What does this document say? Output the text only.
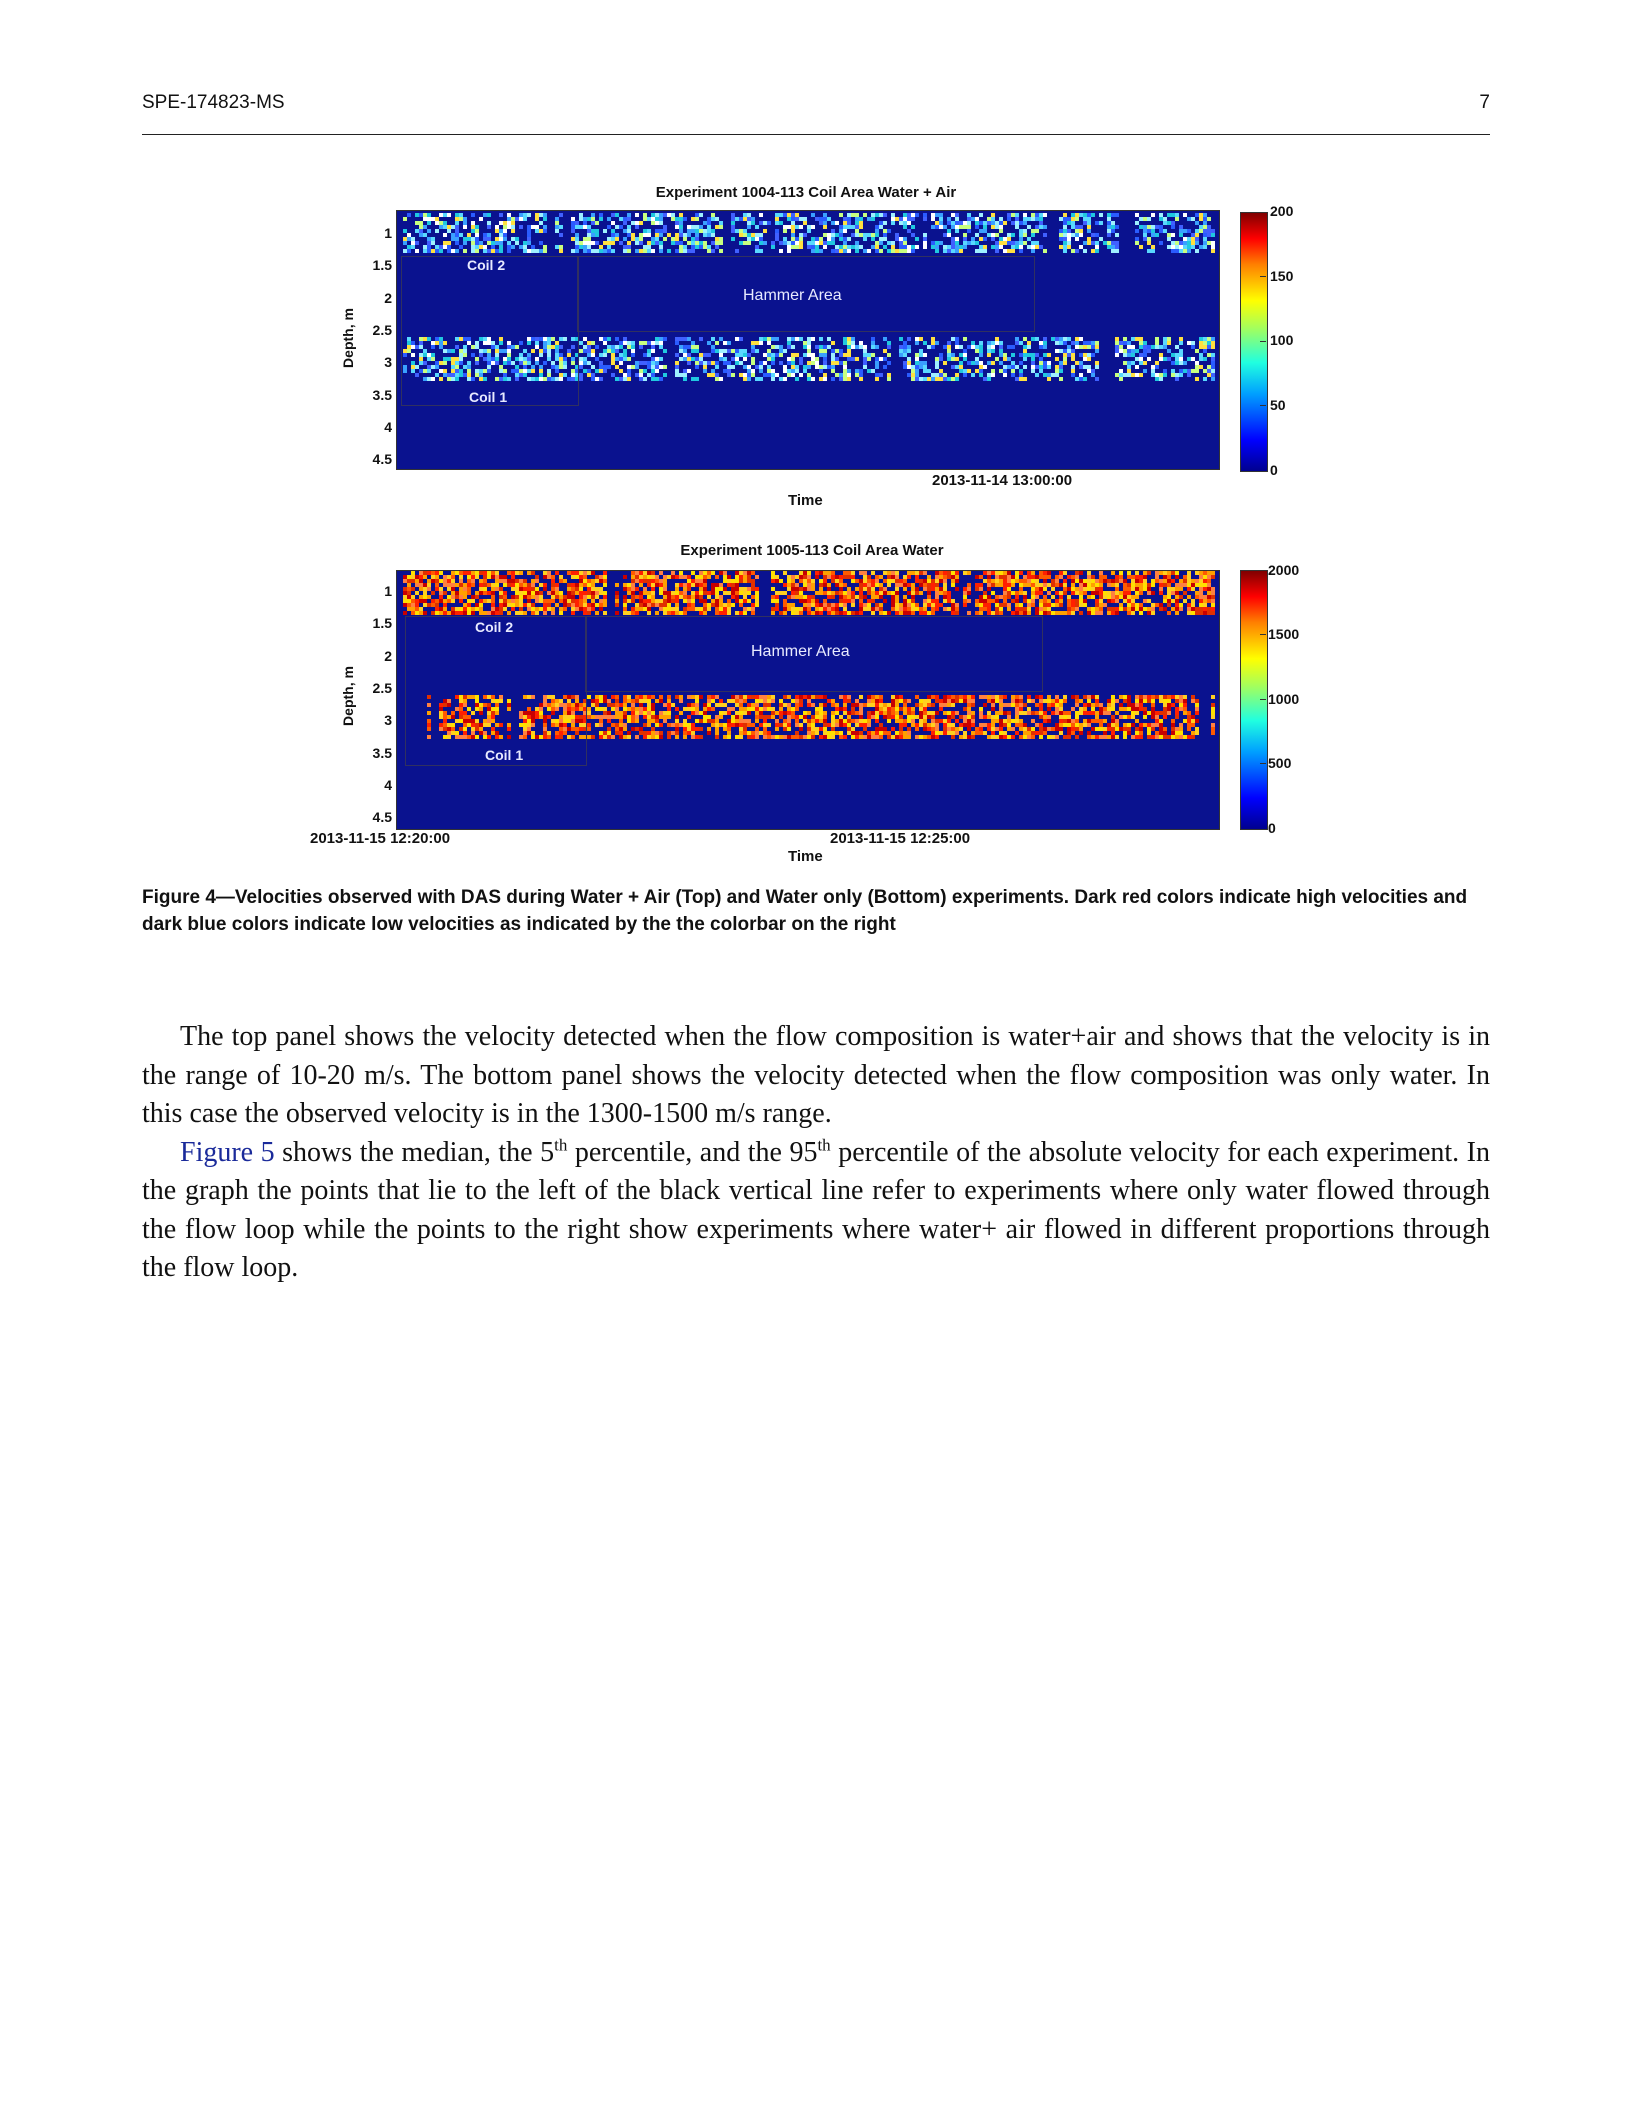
SPE-174823-MS	7
Experiment 1004-113 Coil Area Water + Air
Depth, m
1
1.5
2
2.5
3
3.5
4
4.5
Hammer Area
Coil 2
Coil 1
2013-11-14 13:00:00
Time
200
150
100
50
0
Experiment 1005-113 Coil Area Water
Depth, m
1
1.5
2
2.5
3
3.5
4
4.5
Hammer Area
Coil 2
Coil 1
2013-11-15 12:20:00	2013-11-15 12:25:00
Time
2000
1500
1000
500
0
Figure 4—Velocities observed with DAS during Water + Air (Top) and Water only (Bottom) experiments. Dark red colors indicate high velocities and dark blue colors indicate low velocities as indicated by the the colorbar on the right

The top panel shows the velocity detected when the flow composition is water+air and shows that the velocity is in the range of 10-20 m/s. The bottom panel shows the velocity detected when the flow composition was only water. In this case the observed velocity is in the 1300-1500 m/s range.

Figure 5 shows the median, the 5th percentile, and the 95th percentile of the absolute velocity for each experiment. In the graph the points that lie to the left of the black vertical line refer to experiments where only water flowed through the flow loop while the points to the right show experiments where water+ air flowed in different proportions through the flow loop.
